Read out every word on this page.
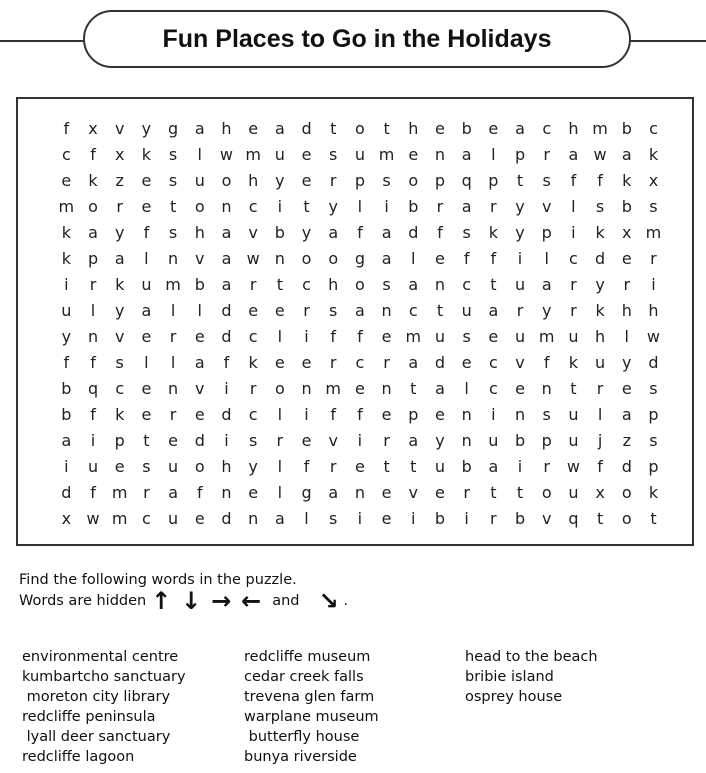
Fun Places to Go in the Holidays
f	x	v	y	g	a	h	e	a	d	t	o	t	h	e	b	e	a	c	h m b	c
c	f	x	k	s	l	w m u	e	s	u m e	n	a	l	p	r	a w a	k
e	k	z	e	s	u	o	h	y	e	r	p	s	o	p	q	p	t	s	f	f	k	x
m o	r	e	t	o	n	c	i	t	y	l	i	b	r	a	r	y	v	l	s	b	s
k	a	y	f	s	h	a	v	b	y	a	f	a	d	f	s	k	y	p	i	k	x m
k	p	a	l	n	v	a w n	o	o	g	a	l	e	f	f	i	l	c	d	e	r
i	r	k	u m b	a	r	t	c	h	o	s	a	n	c	t	u	a	r	y	r	i
u	l	y	a	l	l	d	e	e	r	s	a	n	c	t	u	a	r	y	r	k	h	h
y	n	v	e	r	e	d	c	l	i	f	f	e m u	s	e	u m u	h	l	w
f	f	s	l	l	a	f	k	e	e	r	c	r	a	d	e	c	v	f	k	u	y	d
b	q	c	e	n	v	i	r	o	n m e	n	t	a	l	c	e	n	t	r	e	s
b	f	k	e	r	e	d	c	l	i	f	f	e	p	e	n	i	n	s	u	l	a	p
a	i	p	t	e	d	i	s	r	e	v	i	r	a	y	n	u	b	p	u	j	z	s
i	u	e	s	u	o	h	y	l	f	r	e	t	t	u	b	a	i	r	w	f	d	p
d	f	m r	a	f	n	e	l	g	a	n	e	v	e	r	t	t	o	u	x	o	k
x w m c	u	e	d	n	a	l	s	i	e	i	b	i	r	b	v	q	t	o	t
Find the following words in the puzzle.
Words are hidden ↑ ↓ → ← and ↘ .
environmental centre
kumbartcho sanctuary
moreton city library
redcliffe peninsula
lyall deer sanctuary
redcliffe lagoon
redcliffe museum
cedar creek falls
trevena glen farm
warplane museum
butterfly house
bunya riverside
head to the beach
bribie island
osprey house
